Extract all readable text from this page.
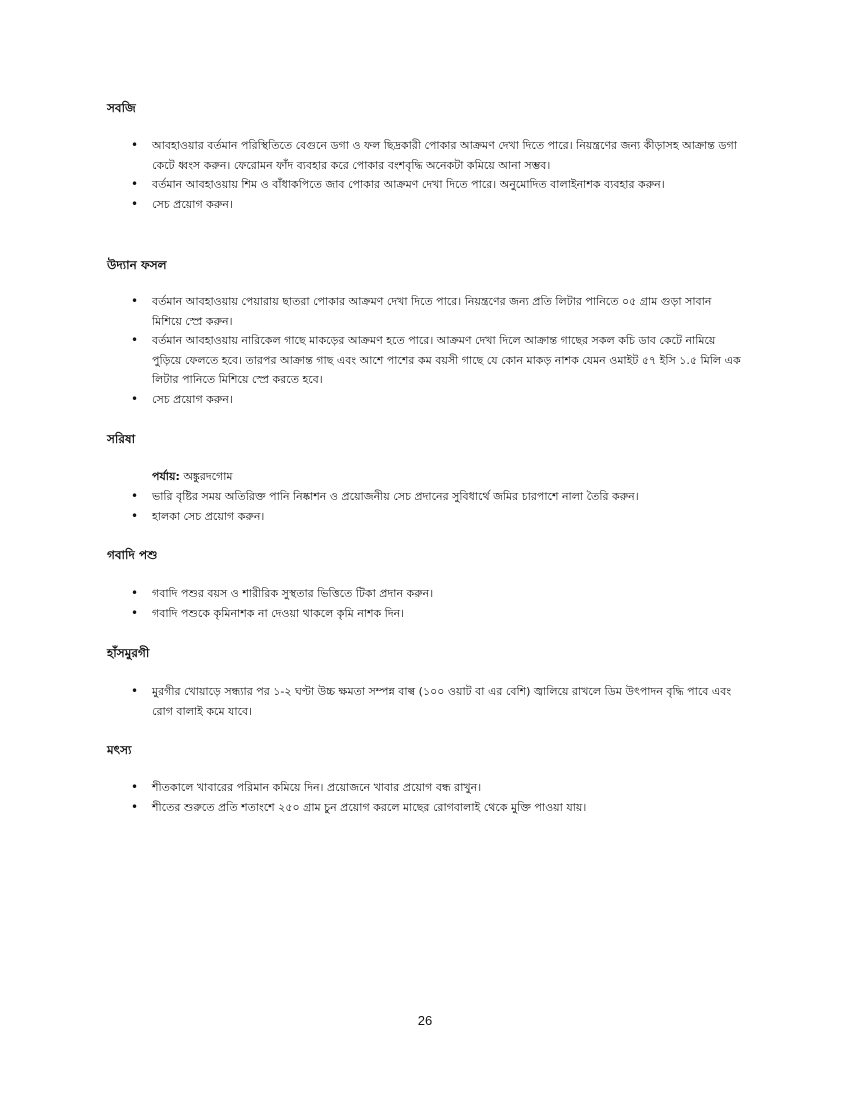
সবজি
• আবহাওয়ার বর্তমান পরিস্থিতিতে বেগুনে ডগা ও ফল ছিদ্রকারী পোকার আক্রমণ দেখা দিতে পারে। নিয়ন্ত্রণের জন্য কীড়াসহ আক্রান্ত ডগা কেটে ধ্বংস করুন। ফেরোমন ফাঁদ ব্যবহার করে পোকার বংশবৃদ্ধি অনেকটা কমিয়ে আনা সম্ভব।
• বর্তমান আবহাওয়ায় শিম ও বাঁধাকপিতে জাব পোকার আক্রমণ দেখা দিতে পারে। অনুমোদিত বালাইনাশক ব্যবহার করুন।
• সেচ প্রয়োগ করুন।
উদ্যান ফসল
• বর্তমান আবহাওয়ায় পেয়ারায় ছাতরা পোকার আক্রমণ দেখা দিতে পারে। নিয়ন্ত্রণের জন্য প্রতি লিটার পানিতে ০৫ গ্রাম গুড়া সাবান মিশিয়ে স্প্রে করুন।
• বর্তমান আবহাওয়ায় নারিকেল গাছে মাকড়ের আক্রমণ হতে পারে। আক্রমণ দেখা দিলে আক্রান্ত গাছের সকল কচি ডাব কেটে নামিয়ে পুড়িয়ে ফেলতে হবে। তারপর আক্রান্ত গাছ এবং আশে পাশের কম বয়সী গাছে যে কোন মাকড় নাশক যেমন ওমাইট ৫৭ ইসি ১.৫ মিলি এক লিটার পানিতে মিশিয়ে স্প্রে করতে হবে।
• সেচ প্রয়োগ করুন।
সরিষা
পর্যায়: অঙ্কুরদগোম
• ভারি বৃষ্টির সময় অতিরিক্ত পানি নিষ্কাশন ও প্রয়োজনীয় সেচ প্রদানের সুবিধার্থে জমির চারপাশে নালা তৈরি করুন।
• হালকা সেচ প্রয়োগ করুন।
গবাদি পশু
• গবাদি পশুর বয়স ও শারীরিক সুস্থতার ভিত্তিতে টিকা প্রদান করুন।
• গবাদি পশুকে কৃমিনাশক না দেওয়া থাকলে কৃমি নাশক দিন।
হাঁসমুরগী
• মুরগীর খোয়াড়ে সন্ধ্যার পর ১-২ ঘণ্টা উচ্চ ক্ষমতা সম্পন্ন বাল্ব (১০০ ওয়াট বা এর বেশি) জ্বালিয়ে রাখলে ডিম উৎপাদন বৃদ্ধি পাবে এবং রোগ বালাই কমে যাবে।
মৎস্য
• শীতকালে খাবারের পরিমান কমিয়ে দিন। প্রয়োজনে খাবার প্রয়োগ বন্ধ রাখুন।
• শীতের শুরুতে প্রতি শতাংশে ২৫০ গ্রাম চুন প্রয়োগ করলে মাছের রোগবালাই থেকে মুক্তি পাওয়া যায়।
26
